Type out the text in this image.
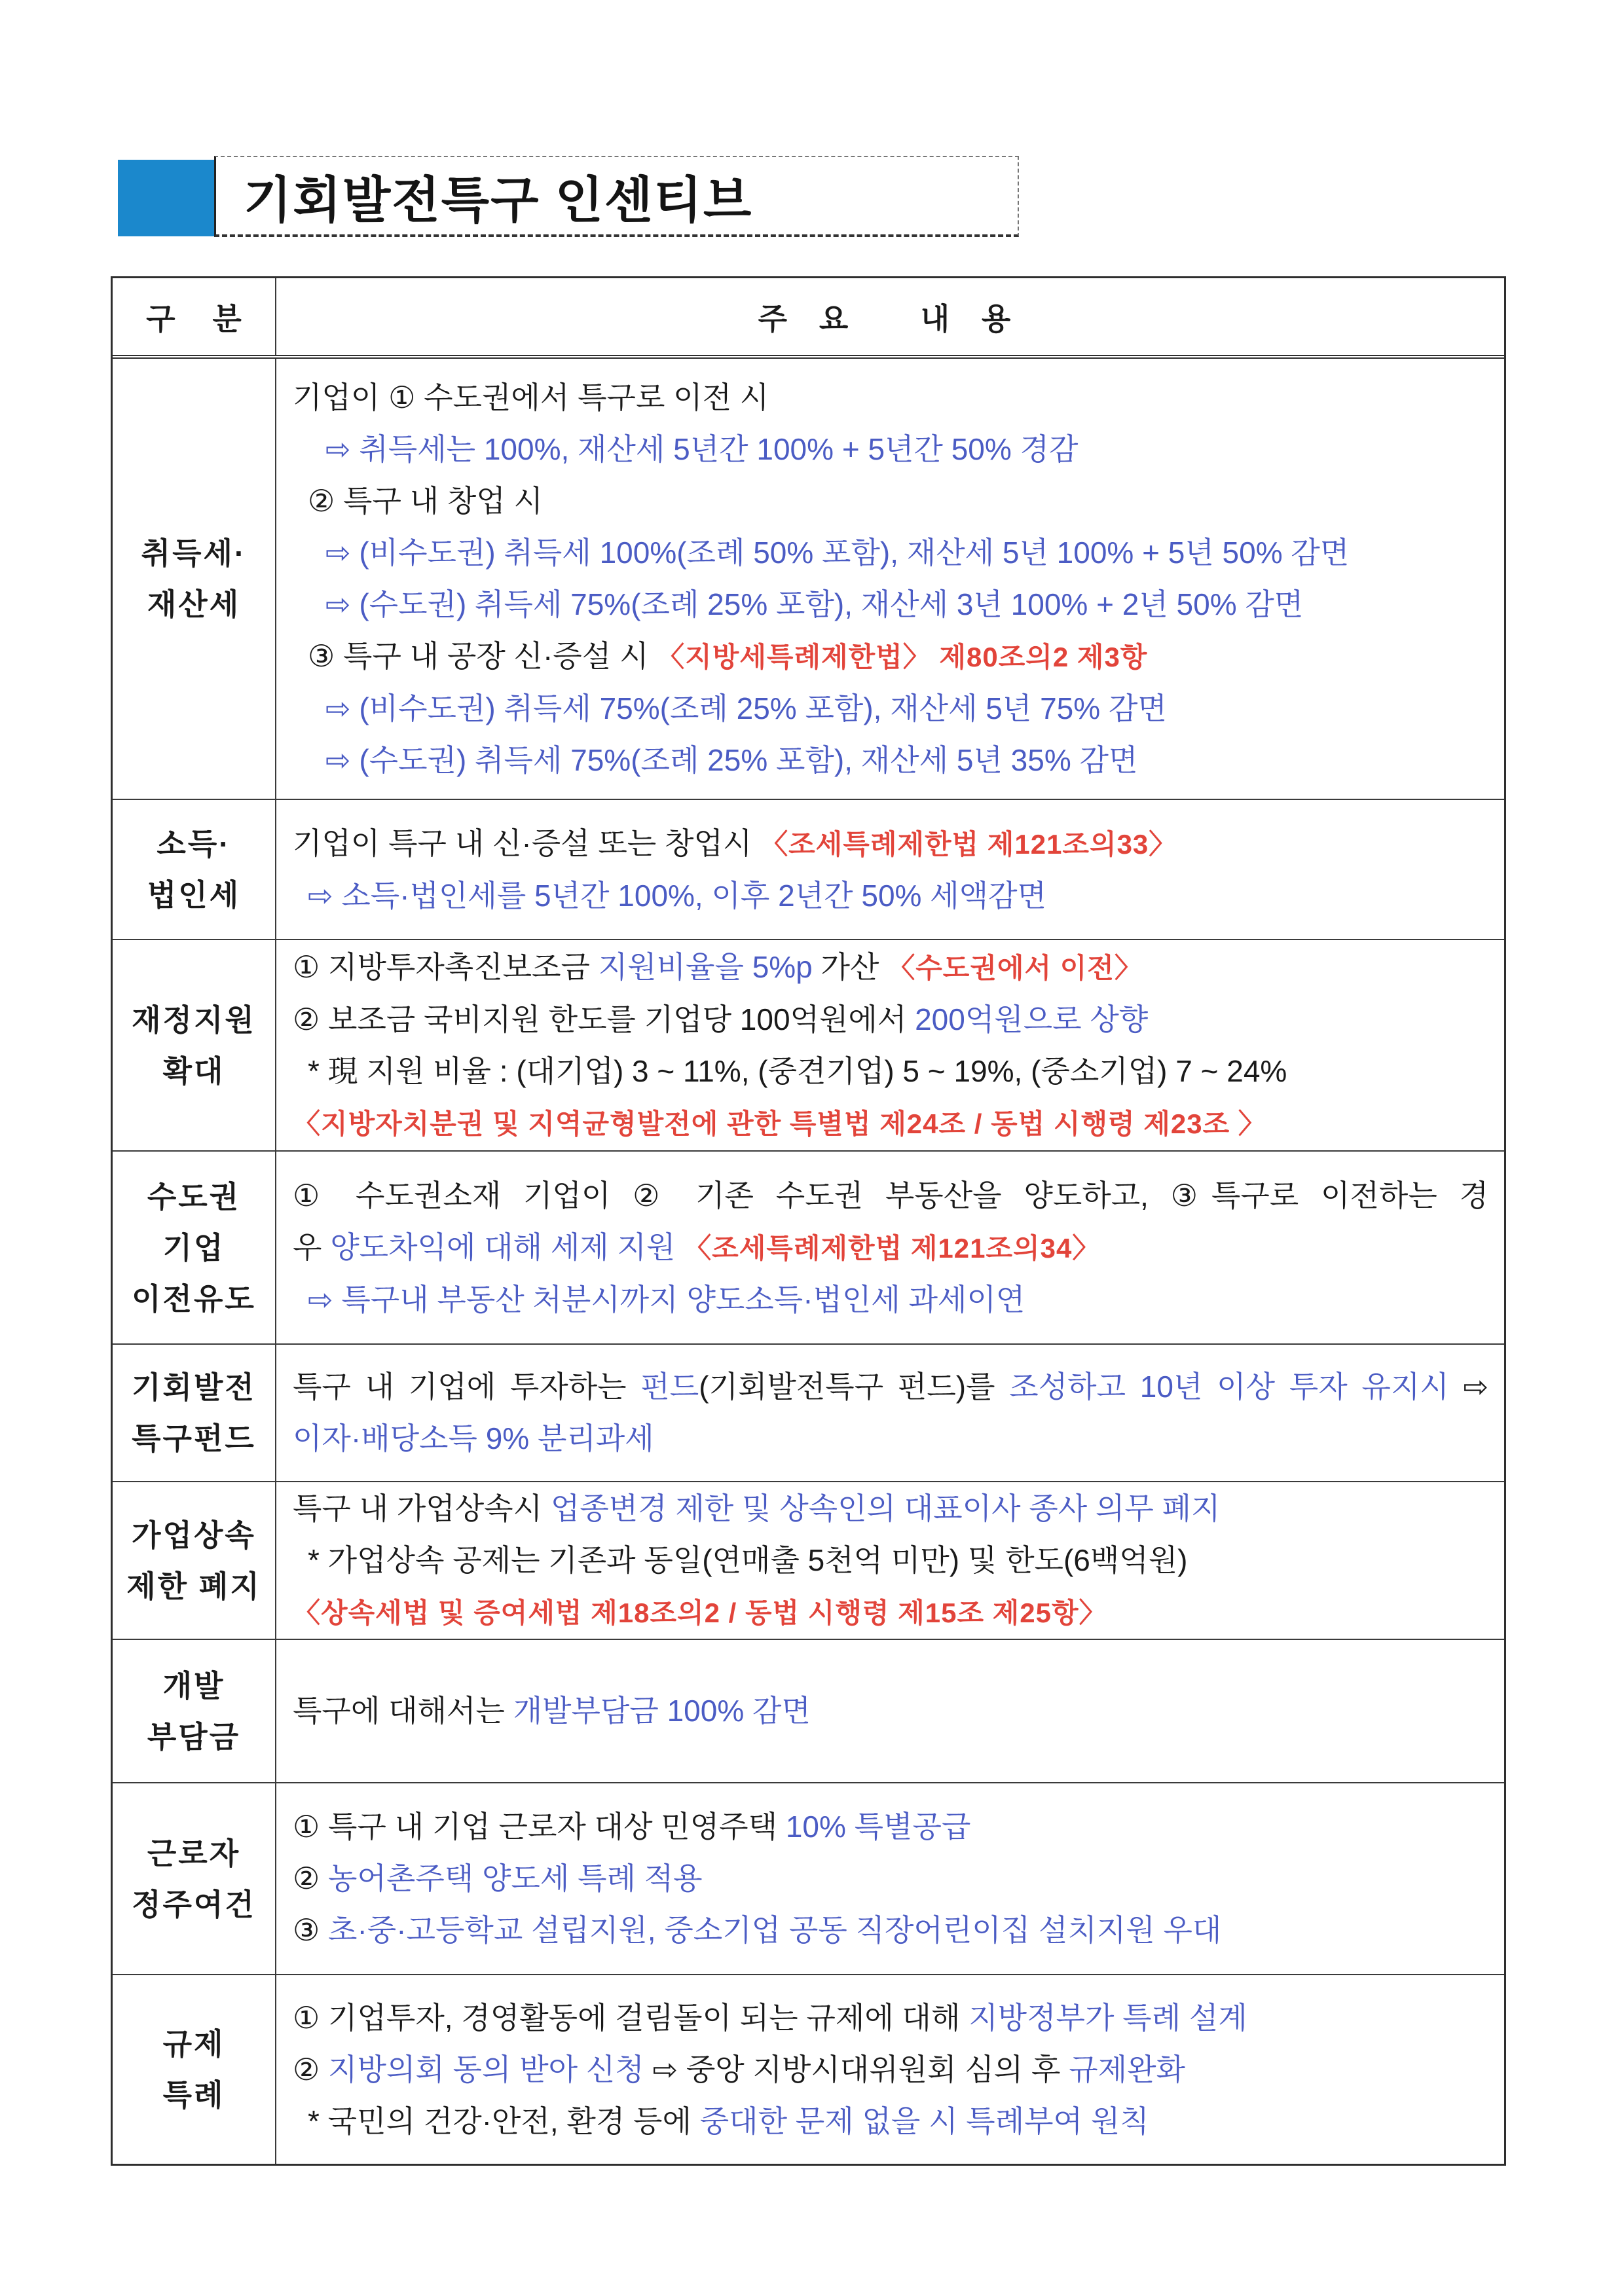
기회발전특구 인센티브
구 분	주 요   내 용
취득세·
재산세
기업이 ① 수도권에서 특구로 이전 시
⇨ 취득세는 100%, 재산세 5년간 100% + 5년간 50% 경감
② 특구 내 창업 시
⇨ (비수도권) 취득세 100%(조례 50% 포함), 재산세 5년 100% + 5년 50% 감면
⇨ (수도권) 취득세 75%(조례 25% 포함), 재산세 3년 100% + 2년 50% 감면
③ 특구 내 공장 신·증설 시 〈지방세특례제한법〉 제80조의2 제3항
⇨ (비수도권) 취득세 75%(조례 25% 포함), 재산세 5년 75% 감면
⇨ (수도권) 취득세 75%(조례 25% 포함), 재산세 5년 35% 감면
소득·
법인세
기업이 특구 내 신·증설 또는 창업시 〈조세특례제한법 제121조의33〉
⇨ 소득·법인세를 5년간 100%, 이후 2년간 50% 세액감면
재정지원
확대
① 지방투자촉진보조금 지원비율을 5%p 가산 〈수도권에서 이전〉
② 보조금 국비지원 한도를 기업당 100억원에서 200억원으로 상향
* 現 지원 비율 : (대기업) 3 ~ 11%, (중견기업) 5 ~ 19%, (중소기업) 7 ~ 24%
〈지방자치분권 및 지역균형발전에 관한 특별법 제24조 / 동법 시행령 제23조 〉
수도권
기업
이전유도
① 수도권소재 기업이 ② 기존 수도권 부동산을 양도하고, ③특구로 이전하는 경
우 양도차익에 대해 세제 지원 〈조세특례제한법 제121조의34〉
⇨ 특구내 부동산 처분시까지 양도소득·법인세 과세이연
기회발전
특구펀드
특구 내 기업에 투자하는 펀드(기회발전특구 펀드)를 조성하고 10년 이상 투자 유지시 ⇨
이자·배당소득 9% 분리과세
가업상속
제한 폐지
특구 내 가업상속시 업종변경 제한 및 상속인의 대표이사 종사 의무 폐지
* 가업상속 공제는 기존과 동일(연매출 5천억 미만) 및 한도(6백억원)
〈상속세법 및 증여세법 제18조의2 / 동법 시행령 제15조 제25항〉
개발
부담금
특구에 대해서는 개발부담금 100% 감면
근로자
정주여건
① 특구 내 기업 근로자 대상 민영주택 10% 특별공급
② 농어촌주택 양도세 특례 적용
③ 초·중·고등학교 설립지원, 중소기업 공동 직장어린이집 설치지원 우대
규제
특례
① 기업투자, 경영활동에 걸림돌이 되는 규제에 대해 지방정부가 특례 설계
② 지방의회 동의 받아 신청 ⇨ 중앙 지방시대위원회 심의 후 규제완화
* 국민의 건강·안전, 환경 등에 중대한 문제 없을 시 특례부여 원칙
